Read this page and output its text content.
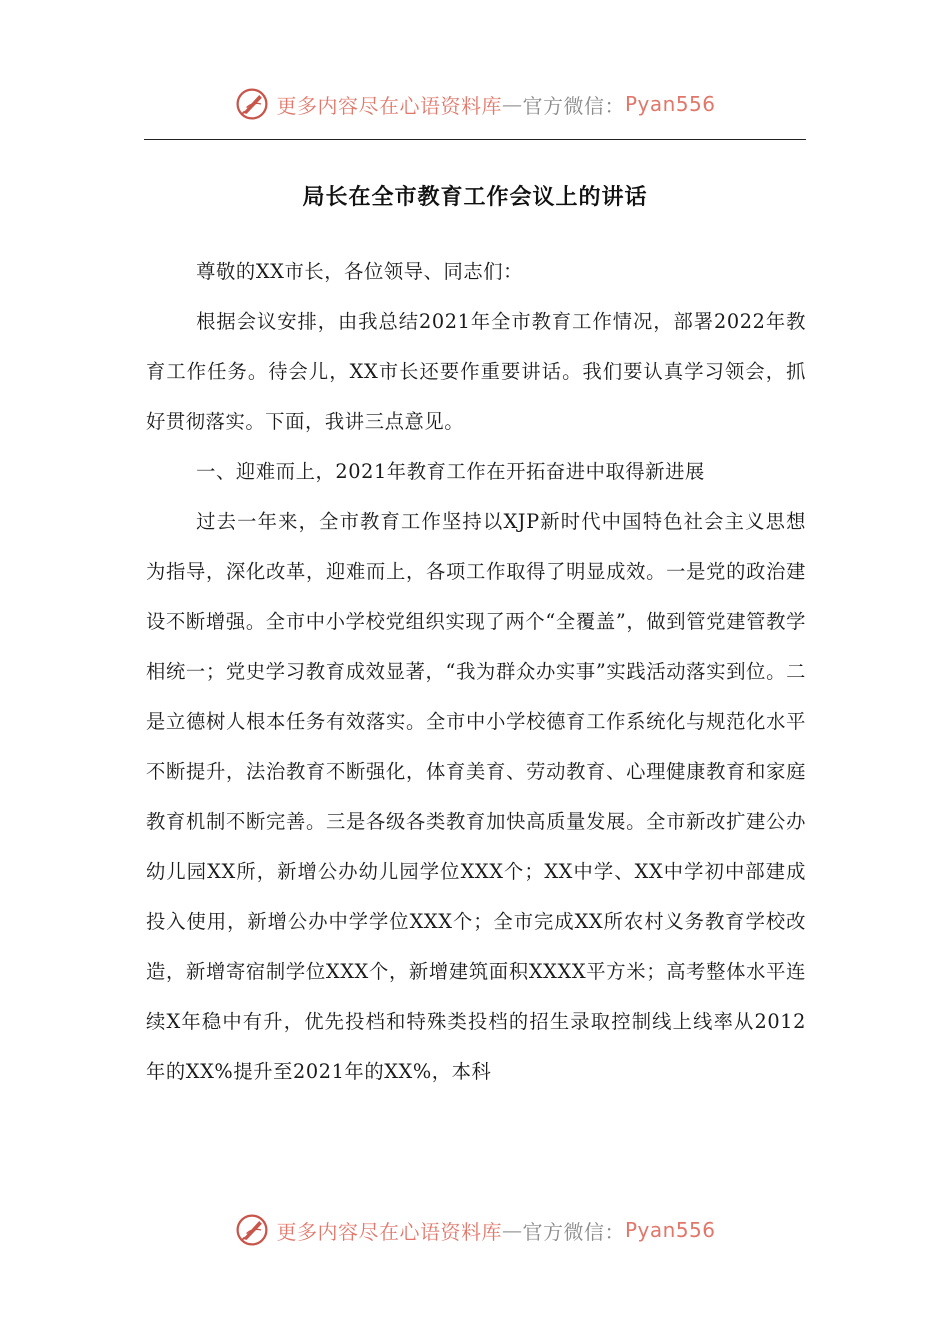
更多内容尽在心语资料库 — 官方微信： Pyan556
局长在全市教育工作会议上的讲话

尊敬的XX市长，各位领导、同志们：

根据会议安排，由我总结2021年全市教育工作情况，部署2022年教育工作任务。待会儿，XX市长还要作重要讲话。我们要认真学习领会，抓好贯彻落实。下面，我讲三点意见。

一、迎难而上，2021年教育工作在开拓奋进中取得新进展

过去一年来，全市教育工作坚持以XJP新时代中国特色社会主义思想为指导，深化改革，迎难而上，各项工作取得了明显成效。一是党的政治建设不断增强。全市中小学校党组织实现了两个“全覆盖”，做到管党建管教学相统一；党史学习教育成效显著，“我为群众办实事”实践活动落实到位。二是立德树人根本任务有效落实。全市中小学校德育工作系统化与规范化水平不断提升，法治教育不断强化，体育美育、劳动教育、心理健康教育和家庭教育机制不断完善。三是各级各类教育加快高质量发展。全市新改扩建公办幼儿园XX所，新增公办幼儿园学位XXX个；XX中学、XX中学初中部建成投入使用，新增公办中学学位XXX个；全市完成XX所农村义务教育学校改造，新增寄宿制学位XXX个，新增建筑面积XXXX平方米；高考整体水平连续X年稳中有升，优先投档和特殊类投档的招生录取控制线上线率从2012年的XX%提升至2021年的XX%，本科

更多内容尽在心语资料库 — 官方微信： Pyan556
